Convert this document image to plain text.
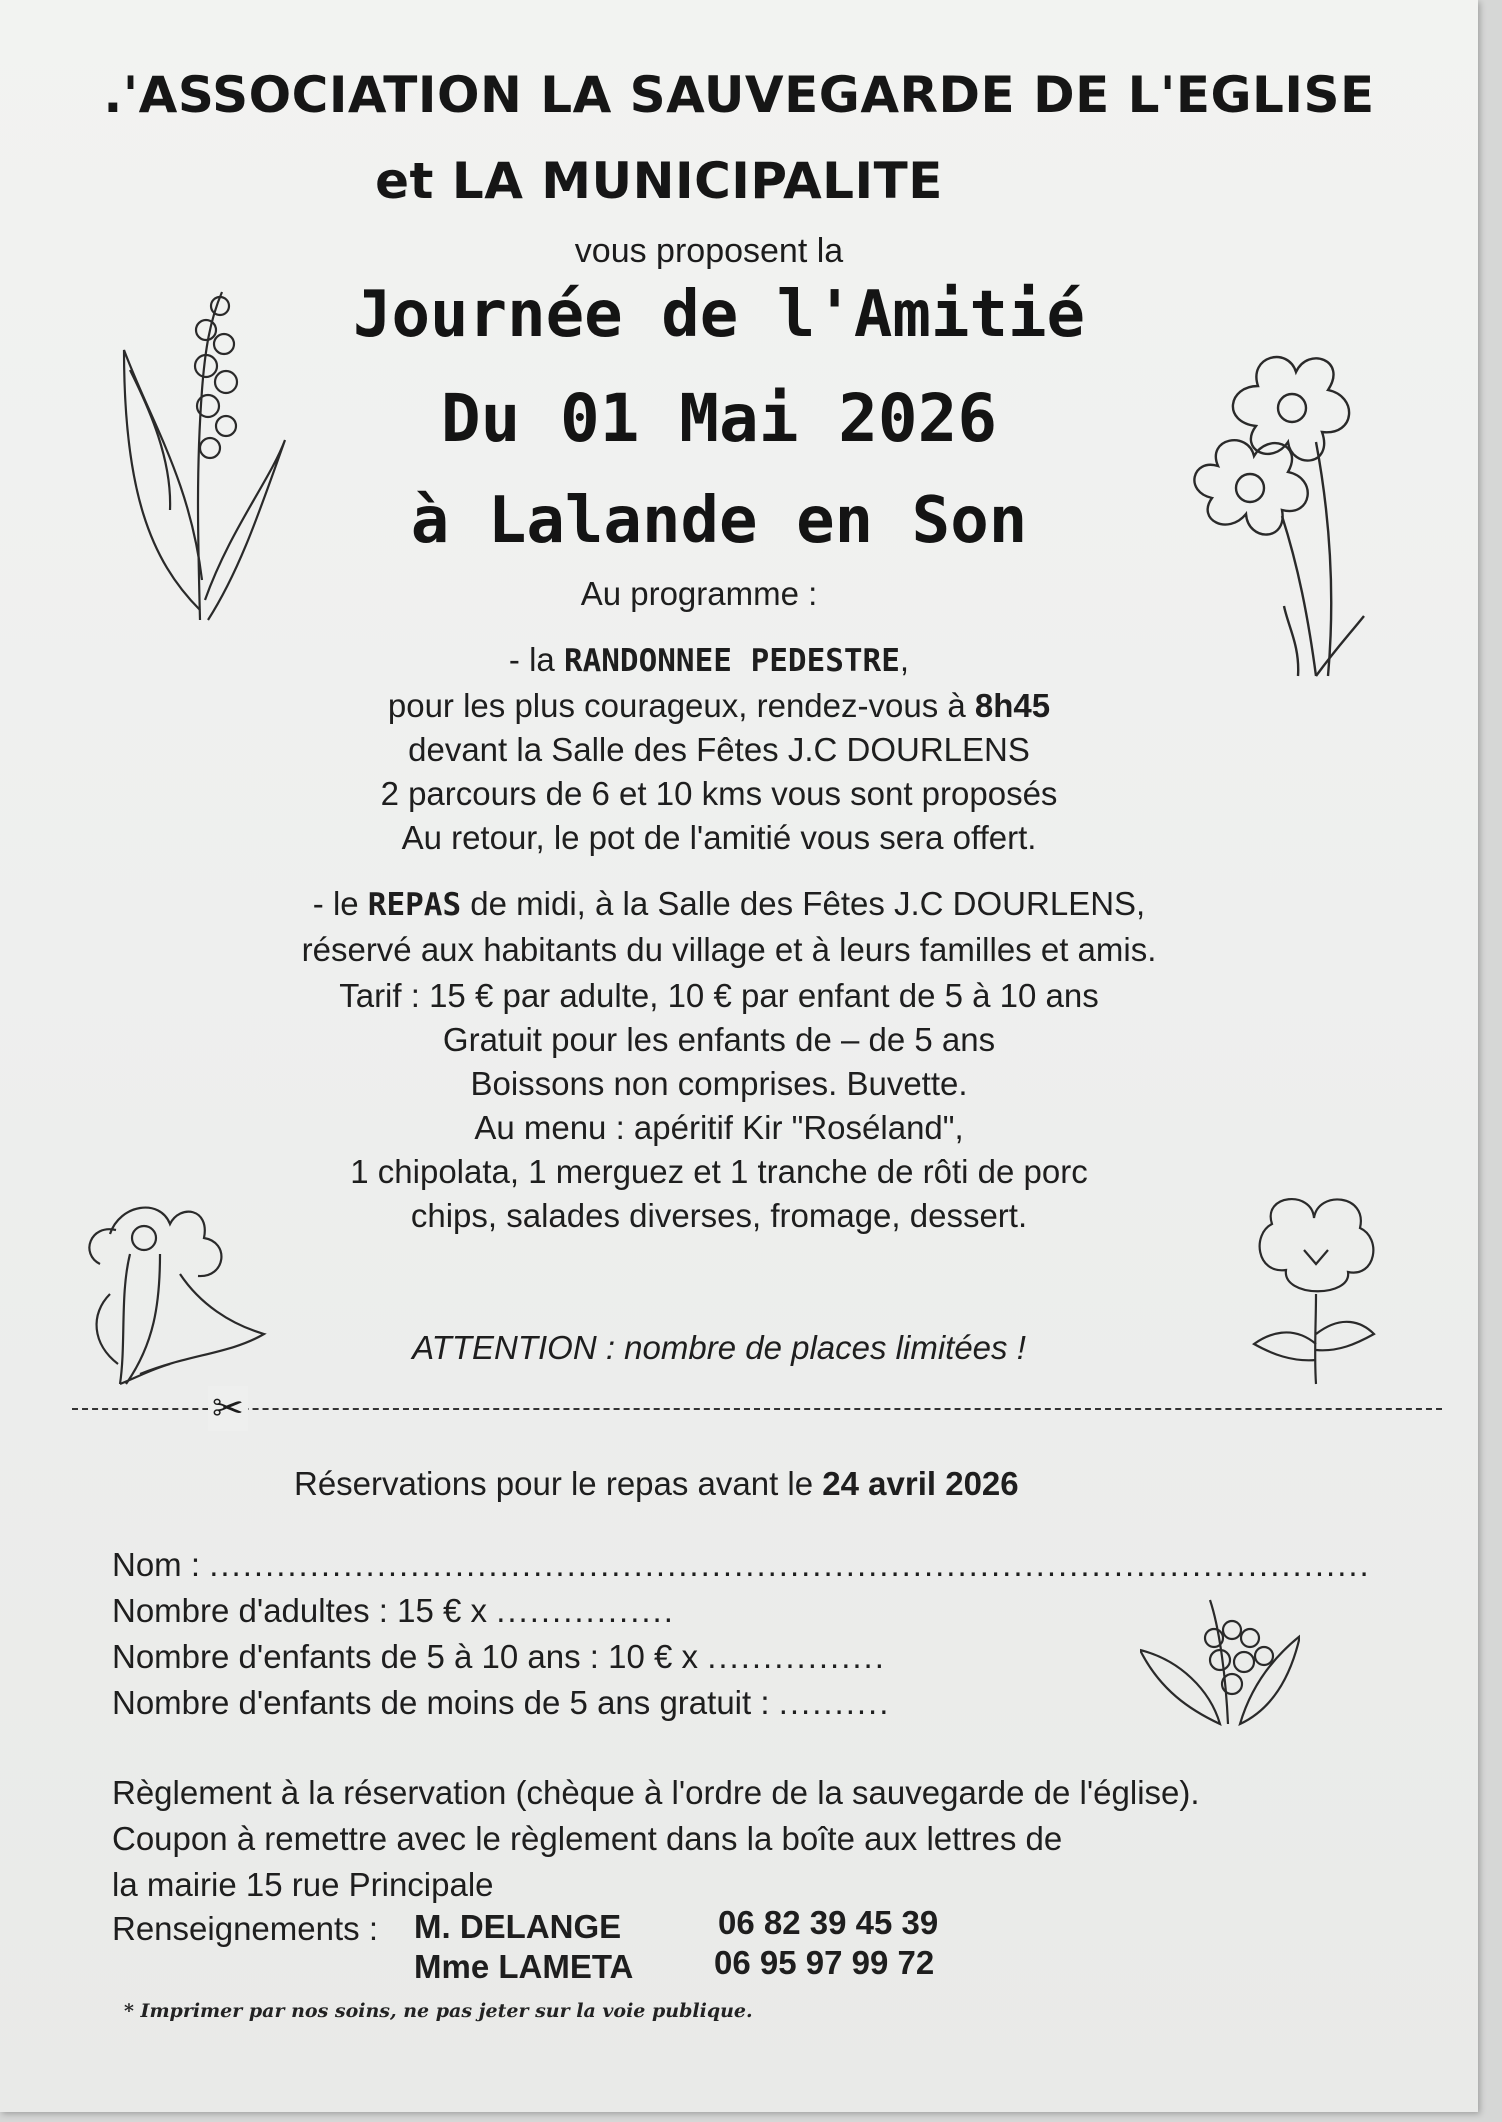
.'ASSOCIATION LA SAUVEGARDE DE L'EGLISE
et LA MUNICIPALITE
vous proposent la
Journée de l'Amitié
Du 01 Mai 2026
à Lalande en Son
Au programme :
- la RANDONNEE PEDESTRE,
pour les plus courageux, rendez-vous à 8h45
devant la Salle des Fêtes J.C DOURLENS
2 parcours de 6 et 10 kms vous sont proposés
Au retour, le pot de l'amitié vous sera offert.
- le REPAS de midi, à la Salle des Fêtes J.C DOURLENS,
réservé aux habitants du village et à leurs familles et amis.
Tarif : 15 € par adulte, 10 € par enfant de 5 à 10 ans
Gratuit pour les enfants de – de 5 ans
Boissons non comprises. Buvette.
Au menu : apéritif Kir "Roséland",
1 chipolata, 1 merguez et 1 tranche de rôti de porc
chips, salades diverses, fromage, dessert.
ATTENTION : nombre de places limitées !
✂
Réservations pour le repas avant le 24 avril 2026
Nom : ........................................................................................................
Nombre d'adultes : 15 € x ................
Nombre d'enfants de 5 à 10 ans : 10 € x ................
Nombre d'enfants de moins de 5 ans gratuit : ..........
Règlement à la réservation (chèque à l'ordre de la sauvegarde de l'église).
Coupon à remettre avec le règlement dans la boîte aux lettres de
la mairie 15 rue Principale
Renseignements : M. DELANGE	06 82 39 45 39
Mme LAMETA 06 95 97 99 72
* Imprimer par nos soins, ne pas jeter sur la voie publique.
